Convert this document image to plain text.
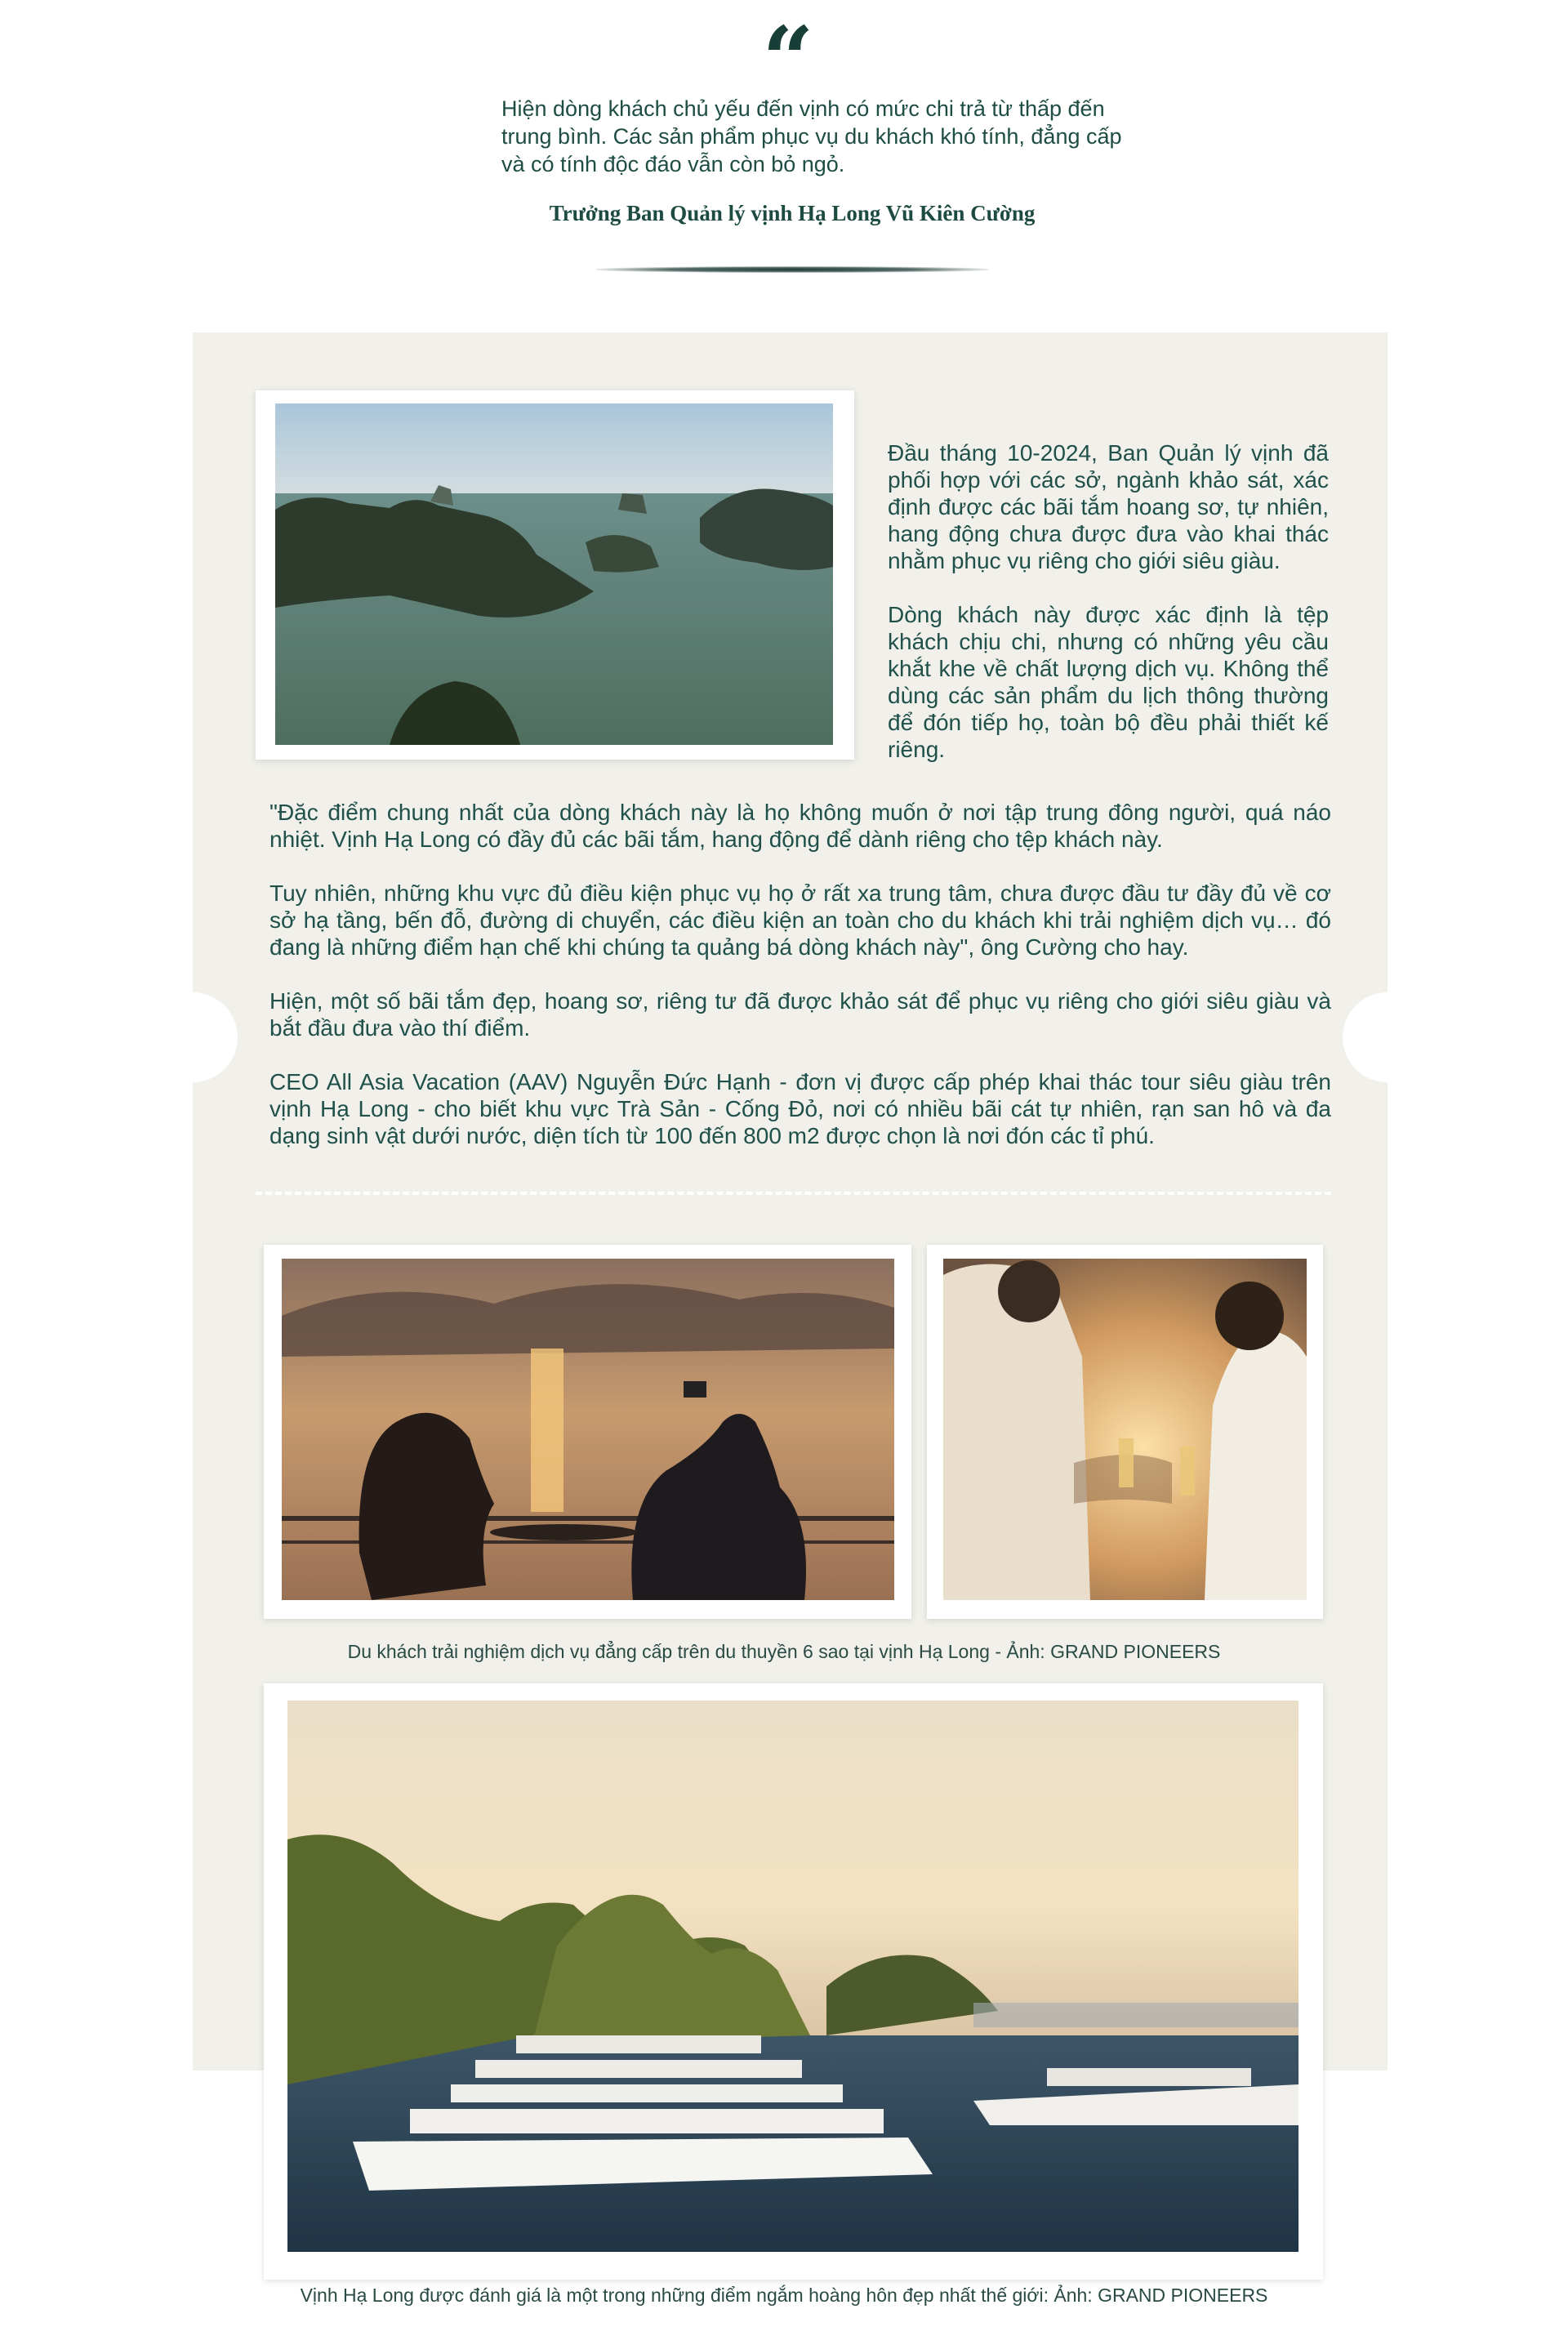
“
Hiện dòng khách chủ yếu đến vịnh có mức chi trả từ thấp đến trung bình. Các sản phẩm phục vụ du khách khó tính, đẳng cấp và có tính độc đáo vẫn còn bỏ ngỏ.
Trưởng Ban Quản lý vịnh Hạ Long Vũ Kiên Cường

Đầu tháng 10-2024, Ban Quản lý vịnh đã phối hợp với các sở, ngành khảo sát, xác định được các bãi tắm hoang sơ, tự nhiên, hang động chưa được đưa vào khai thác nhằm phục vụ riêng cho giới siêu giàu.

Dòng khách này được xác định là tệp khách chịu chi, nhưng có những yêu cầu khắt khe về chất lượng dịch vụ. Không thể dùng các sản phẩm du lịch thông thường để đón tiếp họ, toàn bộ đều phải thiết kế riêng.

"Đặc điểm chung nhất của dòng khách này là họ không muốn ở nơi tập trung đông người, quá náo nhiệt. Vịnh Hạ Long có đầy đủ các bãi tắm, hang động để dành riêng cho tệp khách này.

Tuy nhiên, những khu vực đủ điều kiện phục vụ họ ở rất xa trung tâm, chưa được đầu tư đầy đủ về cơ sở hạ tầng, bến đỗ, đường di chuyển, các điều kiện an toàn cho du khách khi trải nghiệm dịch vụ… đó đang là những điểm hạn chế khi chúng ta quảng bá dòng khách này", ông Cường cho hay.

Hiện, một số bãi tắm đẹp, hoang sơ, riêng tư đã được khảo sát để phục vụ riêng cho giới siêu giàu và bắt đầu đưa vào thí điểm.

CEO All Asia Vacation (AAV) Nguyễn Đức Hạnh - đơn vị được cấp phép khai thác tour siêu giàu trên vịnh Hạ Long - cho biết khu vực Trà Sản - Cống Đỏ, nơi có nhiều bãi cát tự nhiên, rạn san hô và đa dạng sinh vật dưới nước, diện tích từ 100 đến 800 m2 được chọn là nơi đón các tỉ phú.

Du khách trải nghiệm dịch vụ đẳng cấp trên du thuyền 6 sao tại vịnh Hạ Long - Ảnh: GRAND PIONEERS
Vịnh Hạ Long được đánh giá là một trong những điểm ngắm hoàng hôn đẹp nhất thế giới: Ảnh: GRAND PIONEERS
